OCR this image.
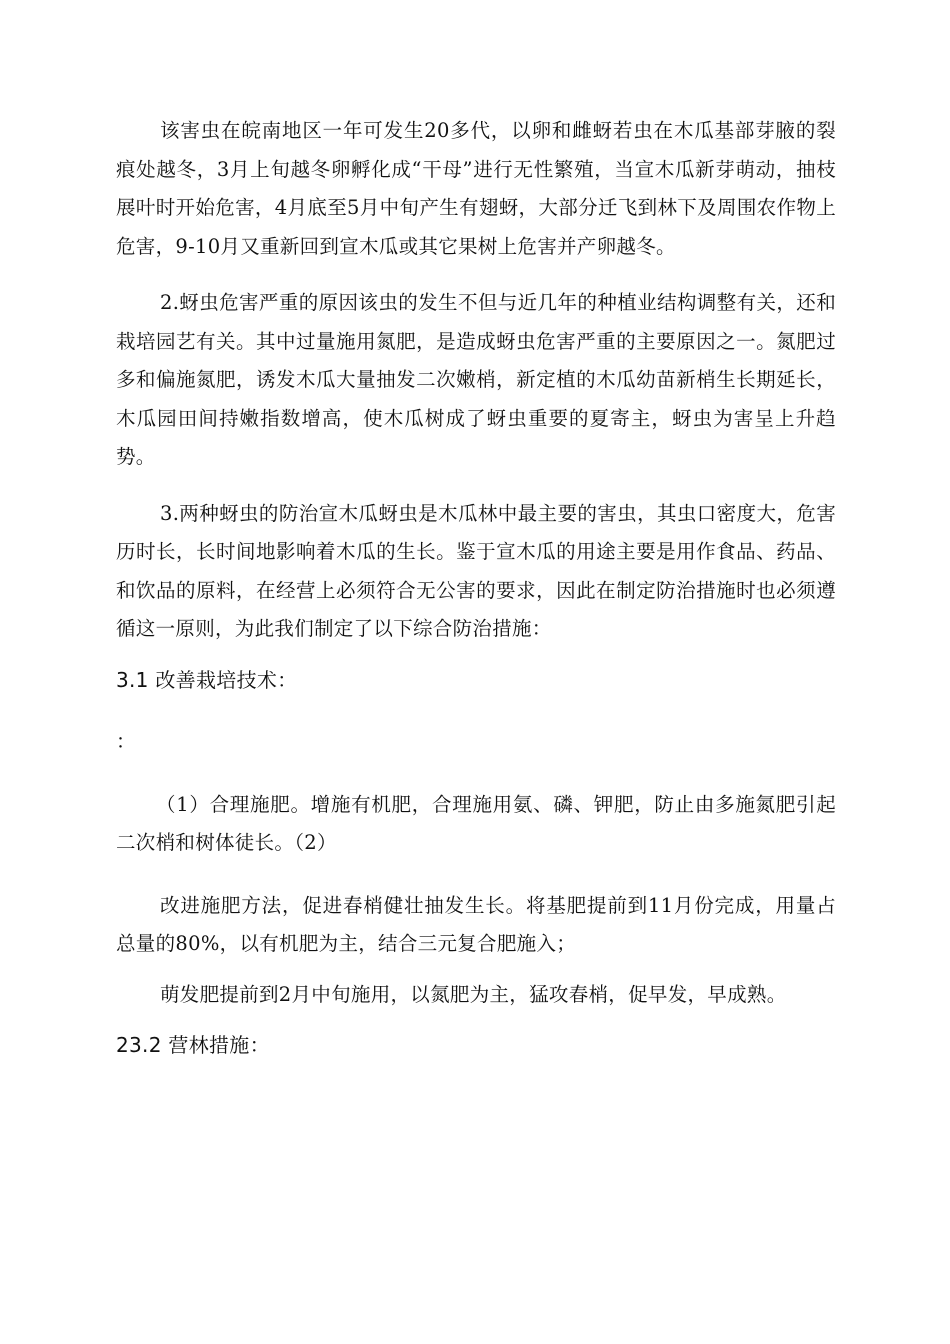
该害虫在皖南地区一年可发生20多代，以卵和雌蚜若虫在木瓜基部芽腋的裂痕处越冬，3月上旬越冬卵孵化成“干母”进行无性繁殖，当宣木瓜新芽萌动，抽枝展叶时开始危害，4月底至5月中旬产生有翅蚜，大部分迁飞到林下及周围农作物上危害，9-10月又重新回到宣木瓜或其它果树上危害并产卵越冬。

2.蚜虫危害严重的原因该虫的发生不但与近几年的种植业结构调整有关，还和栽培园艺有关。其中过量施用氮肥，是造成蚜虫危害严重的主要原因之一。氮肥过多和偏施氮肥，诱发木瓜大量抽发二次嫩梢，新定植的木瓜幼苗新梢生长期延长，木瓜园田间持嫩指数增高，使木瓜树成了蚜虫重要的夏寄主，蚜虫为害呈上升趋势。

3.两种蚜虫的防治宣木瓜蚜虫是木瓜林中最主要的害虫，其虫口密度大，危害历时长，长时间地影响着木瓜的生长。鉴于宣木瓜的用途主要是用作食品、药品、和饮品的原料，在经营上必须符合无公害的要求，因此在制定防治措施时也必须遵循这一原则，为此我们制定了以下综合防治措施：

3.1 改善栽培技术：

：

（1）合理施肥。增施有机肥，合理施用氨、磷、钾肥，防止由多施氮肥引起二次梢和树体徒长。（2）

改进施肥方法，促进春梢健壮抽发生长。将基肥提前到11月份完成，用量占总量的80%，以有机肥为主，结合三元复合肥施入；

萌发肥提前到2月中旬施用，以氮肥为主，猛攻春梢，促早发，早成熟。

23.2 营林措施：
